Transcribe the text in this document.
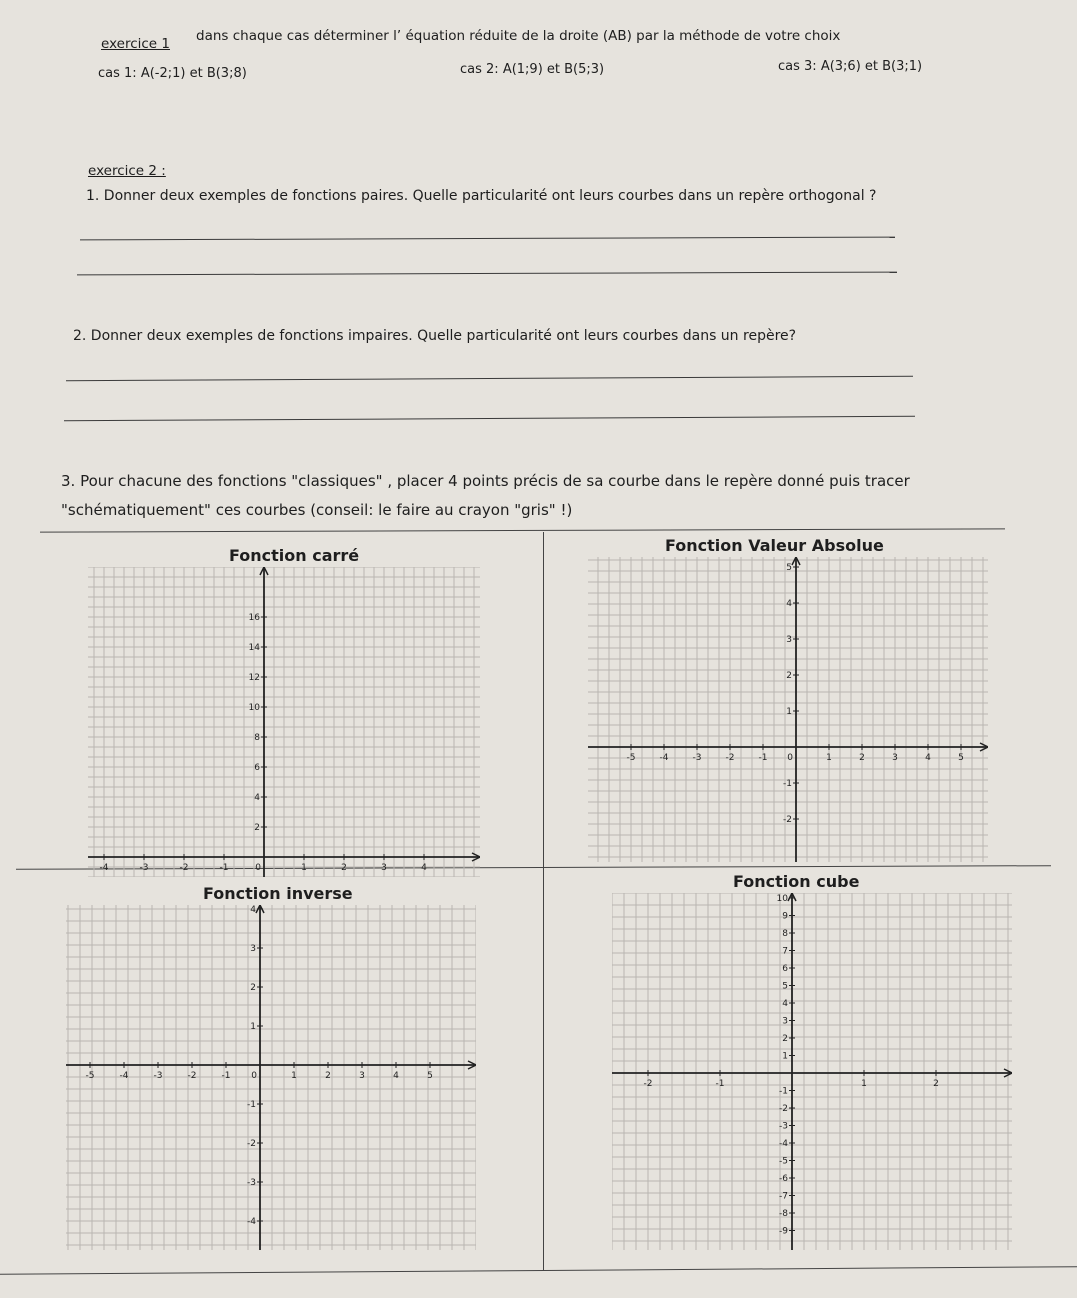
exercice 1 dans chaque cas déterminer l’ équation réduite de la droite (AB) par la méthode de votre choix
cas 1: A(-2;1) et B(3;8)	cas 2: A(1;9) et B(5;3)	cas 3: A(3;6) et B(3;1)
exercice 2 :
1. Donner deux exemples de fonctions paires. Quelle particularité ont leurs courbes dans un repère orthogonal ?
2. Donner deux exemples de fonctions impaires. Quelle particularité ont leurs courbes dans un repère?
3. Pour chacune des fonctions "classiques" , placer 4 points précis de sa courbe dans le repère donné puis tracer
"schématiquement" ces courbes (conseil: le faire au crayon "gris" !)
Fonction carré
Fonction Valeur Absolue
Fonction inverse
Fonction cube
-4	-3	-2	-1	0	1	2	3	4
2
4
6
8
10
12
14
16
-5	-4	-3	-2	-1 0	1	2	3	4	5
-2
-1
1
2
3
4
5
-5	-4	-3	-2	-1 0	1	2	3	4	5
-4
-3
-2
-1
1
2
3
4
-2	-1	1	2
-9
-8
-7
-6
-5
-4
-3
-2
-1
1
2
3
4
5
6
7
8
9
10
